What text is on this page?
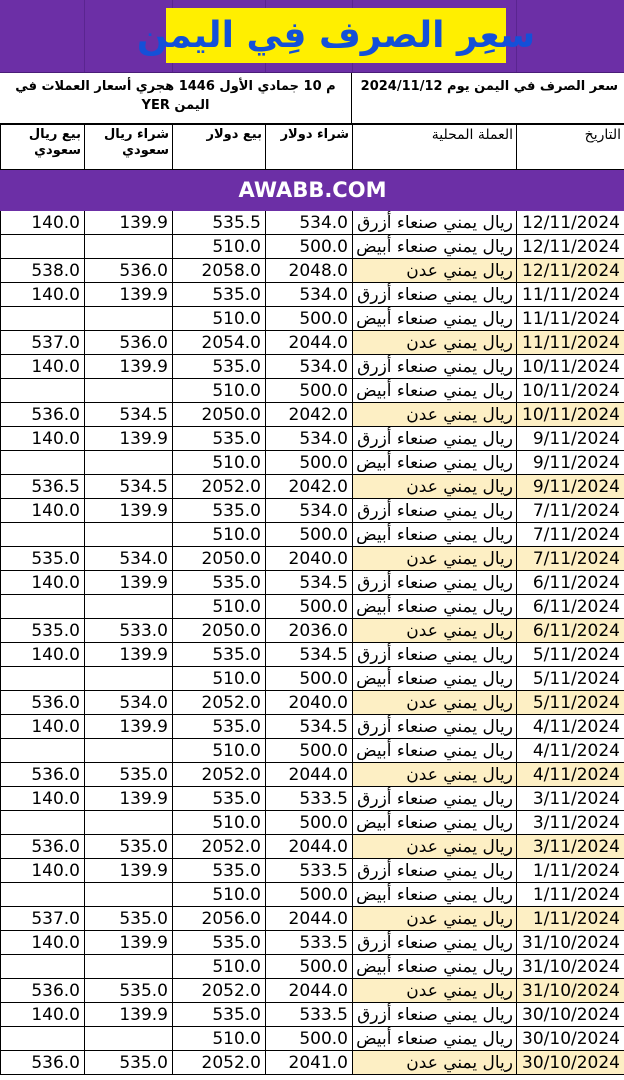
سعِر الصرف فِي اليمن
م 10 جمادي الأول 1446 هجري أسعار العملات في اليمن YER
سعر الصرف في اليمن يوم 2024/11/12
بيع ريال سعودي	شراء ريال سعودي	بيع دولار	شراء دولار	العملة المحلية	التاريخ
AWABB.COM					
140.0	139.9	535.5	534.0	ريال يمني صنعاء أزرق	12/11/2024
		510.0	500.0	ريال يمني صنعاء أبيض	12/11/2024
538.0	536.0	2058.0	2048.0	ريال يمني عدن	12/11/2024
140.0	139.9	535.0	534.0	ريال يمني صنعاء أزرق	11/11/2024
		510.0	500.0	ريال يمني صنعاء أبيض	11/11/2024
537.0	536.0	2054.0	2044.0	ريال يمني عدن	11/11/2024
140.0	139.9	535.0	534.0	ريال يمني صنعاء أزرق	10/11/2024
		510.0	500.0	ريال يمني صنعاء أبيض	10/11/2024
536.0	534.5	2050.0	2042.0	ريال يمني عدن	10/11/2024
140.0	139.9	535.0	534.0	ريال يمني صنعاء أزرق	9/11/2024
		510.0	500.0	ريال يمني صنعاء أبيض	9/11/2024
536.5	534.5	2052.0	2042.0	ريال يمني عدن	9/11/2024
140.0	139.9	535.0	534.0	ريال يمني صنعاء أزرق	7/11/2024
		510.0	500.0	ريال يمني صنعاء أبيض	7/11/2024
535.0	534.0	2050.0	2040.0	ريال يمني عدن	7/11/2024
140.0	139.9	535.0	534.5	ريال يمني صنعاء أزرق	6/11/2024
		510.0	500.0	ريال يمني صنعاء أبيض	6/11/2024
535.0	533.0	2050.0	2036.0	ريال يمني عدن	6/11/2024
140.0	139.9	535.0	534.5	ريال يمني صنعاء أزرق	5/11/2024
		510.0	500.0	ريال يمني صنعاء أبيض	5/11/2024
536.0	534.0	2052.0	2040.0	ريال يمني عدن	5/11/2024
140.0	139.9	535.0	534.5	ريال يمني صنعاء أزرق	4/11/2024
		510.0	500.0	ريال يمني صنعاء أبيض	4/11/2024
536.0	535.0	2052.0	2044.0	ريال يمني عدن	4/11/2024
140.0	139.9	535.0	533.5	ريال يمني صنعاء أزرق	3/11/2024
		510.0	500.0	ريال يمني صنعاء أبيض	3/11/2024
536.0	535.0	2052.0	2044.0	ريال يمني عدن	3/11/2024
140.0	139.9	535.0	533.5	ريال يمني صنعاء أزرق	1/11/2024
		510.0	500.0	ريال يمني صنعاء أبيض	1/11/2024
537.0	535.0	2056.0	2044.0	ريال يمني عدن	1/11/2024
140.0	139.9	535.0	533.5	ريال يمني صنعاء أزرق	31/10/2024
		510.0	500.0	ريال يمني صنعاء أبيض	31/10/2024
536.0	535.0	2052.0	2044.0	ريال يمني عدن	31/10/2024
140.0	139.9	535.0	533.5	ريال يمني صنعاء أزرق	30/10/2024
		510.0	500.0	ريال يمني صنعاء أبيض	30/10/2024
536.0	535.0	2052.0	2041.0	ريال يمني عدن	30/10/2024
